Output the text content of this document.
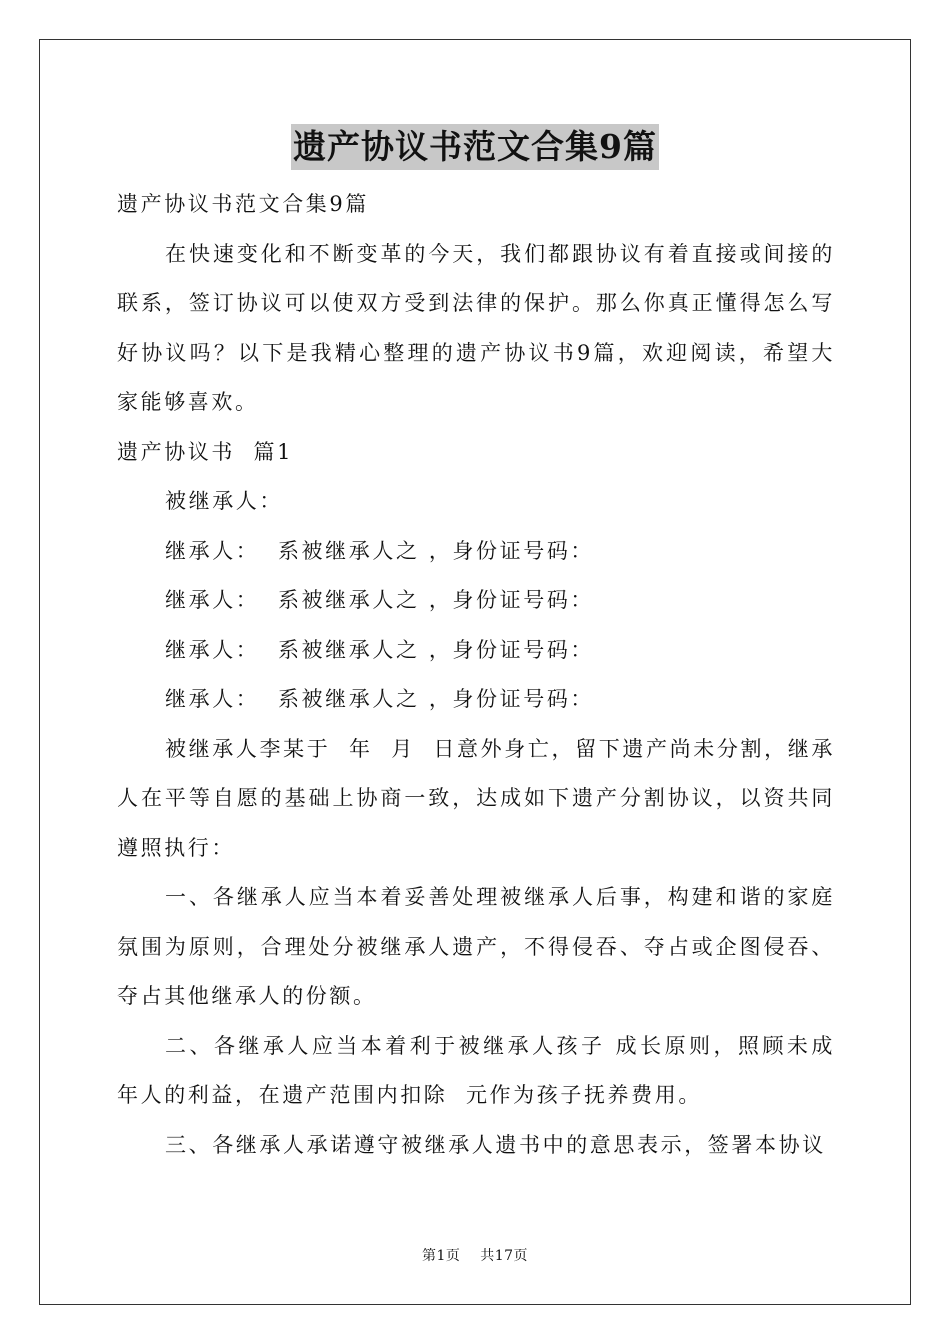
遗产协议书范文合集9篇

遗产协议书范文合集9篇

在快速变化和不断变革的今天，我们都跟协议有着直接或间接的联系，签订协议可以使双方受到法律的保护。那么你真正懂得怎么写好协议吗？以下是我精心整理的遗产协议书9篇，欢迎阅读，希望大家能够喜欢。

遗产协议书  篇1

被继承人：

继承人：  系被继承人之 ，身份证号码：

继承人：  系被继承人之 ，身份证号码：

继承人：  系被继承人之 ，身份证号码：

继承人：  系被继承人之 ，身份证号码：

被继承人李某于  年  月  日意外身亡，留下遗产尚未分割，继承人在平等自愿的基础上协商一致，达成如下遗产分割协议，以资共同遵照执行：

一、各继承人应当本着妥善处理被继承人后事，构建和谐的家庭氛围为原则，合理处分被继承人遗产，不得侵吞、夺占或企图侵吞、夺占其他继承人的份额。

二、各继承人应当本着利于被继承人孩子 成长原则，照顾未成年人的利益，在遗产范围内扣除  元作为孩子抚养费用。

三、各继承人承诺遵守被继承人遗书中的意思表示，签署本协议

第1页    共17页
